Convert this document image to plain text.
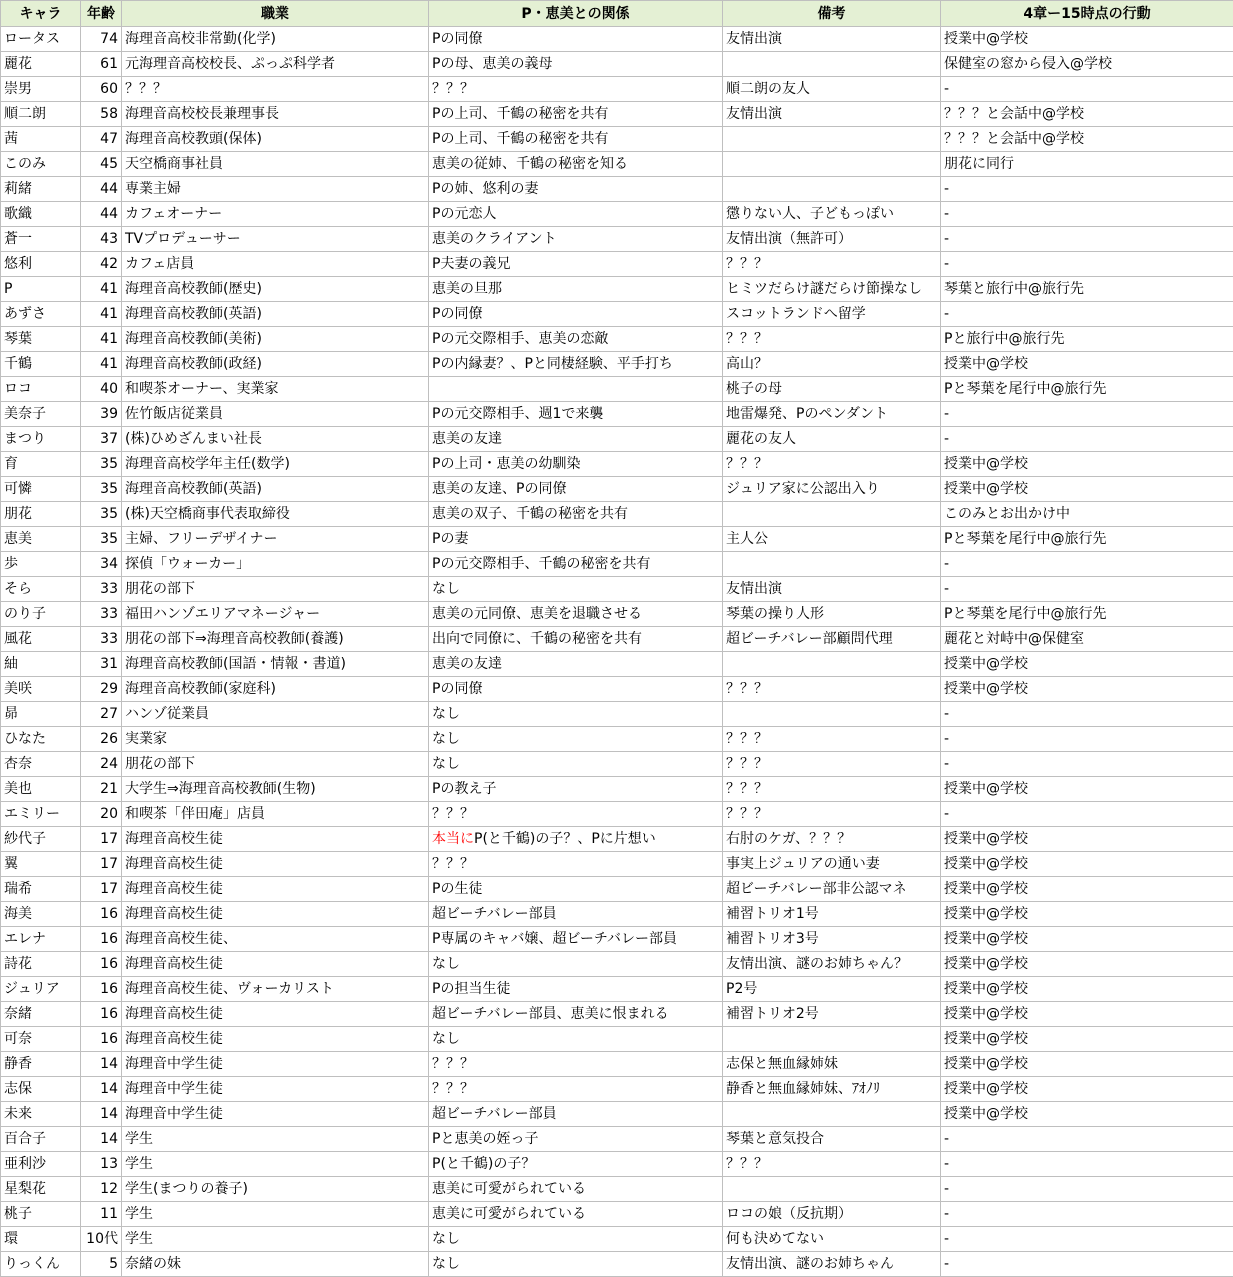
キャラ	年齢	職業	P・恵美との関係	備考	4章ー15時点の行動
ロータス	74	海理音高校非常勤(化学)	Pの同僚	友情出演	授業中@学校
麗花	61	元海理音高校校長、ぷっぷ科学者	Pの母、恵美の義母		保健室の窓から侵入@学校
崇男	60	？？？	？？？	順二朗の友人	-
順二朗	58	海理音高校校長兼理事長	Pの上司、千鶴の秘密を共有	友情出演	？？？と会話中@学校
茜	47	海理音高校教頭(保体)	Pの上司、千鶴の秘密を共有		？？？と会話中@学校
このみ	45	天空橋商事社員	恵美の従姉、千鶴の秘密を知る		朋花に同行
莉緒	44	専業主婦	Pの姉、悠利の妻		-
歌織	44	カフェオーナー	Pの元恋人	懲りない人、子どもっぽい	-
蒼一	43	TVプロデューサー	恵美のクライアント	友情出演（無許可）	-
悠利	42	カフェ店員	P夫妻の義兄	？？？	-
P	41	海理音高校教師(歴史)	恵美の旦那	ヒミツだらけ謎だらけ節操なし	琴葉と旅行中@旅行先
あずさ	41	海理音高校教師(英語)	Pの同僚	スコットランドへ留学	-
琴葉	41	海理音高校教師(美術)	Pの元交際相手、恵美の恋敵	？？？	Pと旅行中@旅行先
千鶴	41	海理音高校教師(政経)	Pの内縁妻？、Pと同棲経験、平手打ち	高山？	授業中@学校
ロコ	40	和喫茶オーナー、実業家		桃子の母	Pと琴葉を尾行中@旅行先
美奈子	39	佐竹飯店従業員	Pの元交際相手、週1で来襲	地雷爆発、Pのペンダント	-
まつり	37	(株)ひめざんまい社長	恵美の友達	麗花の友人	-
育	35	海理音高校学年主任(数学)	Pの上司・恵美の幼馴染	？？？	授業中@学校
可憐	35	海理音高校教師(英語)	恵美の友達、Pの同僚	ジュリア家に公認出入り	授業中@学校
朋花	35	(株)天空橋商事代表取締役	恵美の双子、千鶴の秘密を共有		このみとお出かけ中
恵美	35	主婦、フリーデザイナー	Pの妻	主人公	Pと琴葉を尾行中@旅行先
歩	34	探偵「ウォーカー」	Pの元交際相手、千鶴の秘密を共有		-
そら	33	朋花の部下	なし	友情出演	-
のり子	33	福田ハンゾエリアマネージャー	恵美の元同僚、恵美を退職させる	琴葉の操り人形	Pと琴葉を尾行中@旅行先
風花	33	朋花の部下⇒海理音高校教師(養護)	出向で同僚に、千鶴の秘密を共有	超ビーチバレー部顧問代理	麗花と対峙中@保健室
紬	31	海理音高校教師(国語・情報・書道)	恵美の友達		授業中@学校
美咲	29	海理音高校教師(家庭科)	Pの同僚	？？？	授業中@学校
昴	27	ハンゾ従業員	なし		-
ひなた	26	実業家	なし	？？？	-
杏奈	24	朋花の部下	なし	？？？	-
美也	21	大学生⇒海理音高校教師(生物)	Pの教え子	？？？	授業中@学校
エミリー	20	和喫茶「伴田庵」店員	？？？	？？？	-
紗代子	17	海理音高校生徒	本当にP(と千鶴)の子？、Pに片想い	右肘のケガ、？？？	授業中@学校
翼	17	海理音高校生徒	？？？	事実上ジュリアの通い妻	授業中@学校
瑞希	17	海理音高校生徒	Pの生徒	超ビーチバレー部非公認マネ	授業中@学校
海美	16	海理音高校生徒	超ビーチバレー部員	補習トリオ1号	授業中@学校
エレナ	16	海理音高校生徒、	P専属のキャバ嬢、超ビーチバレー部員	補習トリオ3号	授業中@学校
詩花	16	海理音高校生徒	なし	友情出演、謎のお姉ちゃん？	授業中@学校
ジュリア	16	海理音高校生徒、ヴォーカリスト	Pの担当生徒	P2号	授業中@学校
奈緒	16	海理音高校生徒	超ビーチバレー部員、恵美に恨まれる	補習トリオ2号	授業中@学校
可奈	16	海理音高校生徒	なし		授業中@学校
静香	14	海理音中学生徒	？？？	志保と無血縁姉妹	授業中@学校
志保	14	海理音中学生徒	？？？	静香と無血縁姉妹、ｱｵﾉﾘ	授業中@学校
未来	14	海理音中学生徒	超ビーチバレー部員		授業中@学校
百合子	14	学生	Pと恵美の姪っ子	琴葉と意気投合	-
亜利沙	13	学生	P(と千鶴)の子？	？？？	-
星梨花	12	学生(まつりの養子)	恵美に可愛がられている		-
桃子	11	学生	恵美に可愛がられている	ロコの娘（反抗期）	-
環	10代	学生	なし	何も決めてない	-
りっくん	5	奈緒の妹	なし	友情出演、謎のお姉ちゃん	-
